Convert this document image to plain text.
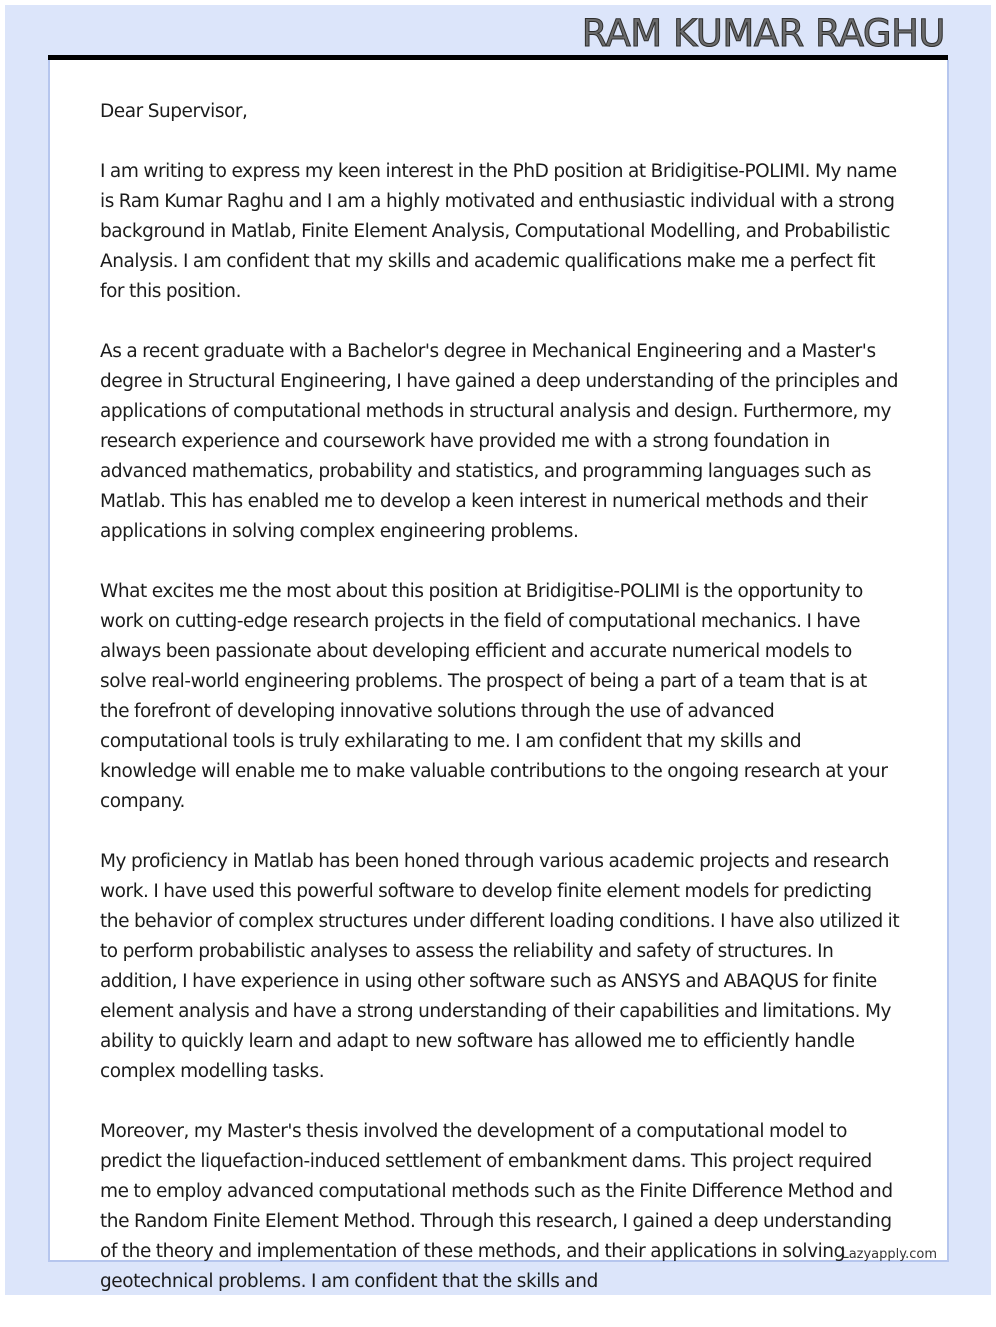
RAM KUMAR RAGHU

Dear Supervisor,

I am writing to express my keen interest in the PhD position at Bridigitise-POLIMI. My name is Ram Kumar Raghu and I am a highly motivated and enthusiastic individual with a strong background in Matlab, Finite Element Analysis, Computational Modelling, and Probabilistic Analysis. I am confident that my skills and academic qualifications make me a perfect fit for this position.

As a recent graduate with a Bachelor's degree in Mechanical Engineering and a Master's degree in Structural Engineering, I have gained a deep understanding of the principles and applications of computational methods in structural analysis and design. Furthermore, my research experience and coursework have provided me with a strong foundation in advanced mathematics, probability and statistics, and programming languages such as Matlab. This has enabled me to develop a keen interest in numerical methods and their applications in solving complex engineering problems.

What excites me the most about this position at Bridigitise-POLIMI is the opportunity to work on cutting-edge research projects in the field of computational mechanics. I have always been passionate about developing efficient and accurate numerical models to solve real-world engineering problems. The prospect of being a part of a team that is at the forefront of developing innovative solutions through the use of advanced computational tools is truly exhilarating to me. I am confident that my skills and knowledge will enable me to make valuable contributions to the ongoing research at your company.

My proficiency in Matlab has been honed through various academic projects and research work. I have used this powerful software to develop finite element models for predicting the behavior of complex structures under different loading conditions. I have also utilized it to perform probabilistic analyses to assess the reliability and safety of structures. In addition, I have experience in using other software such as ANSYS and ABAQUS for finite element analysis and have a strong understanding of their capabilities and limitations. My ability to quickly learn and adapt to new software has allowed me to efficiently handle complex modelling tasks.

Moreover, my Master's thesis involved the development of a computational model to predict the liquefaction-induced settlement of embankment dams. This project required me to employ advanced computational methods such as the Finite Difference Method and the Random Finite Element Method. Through this research, I gained a deep understanding of the theory and implementation of these methods, and their applications in solving geotechnical problems. I am confident that the skills and

Lazyapply.com
